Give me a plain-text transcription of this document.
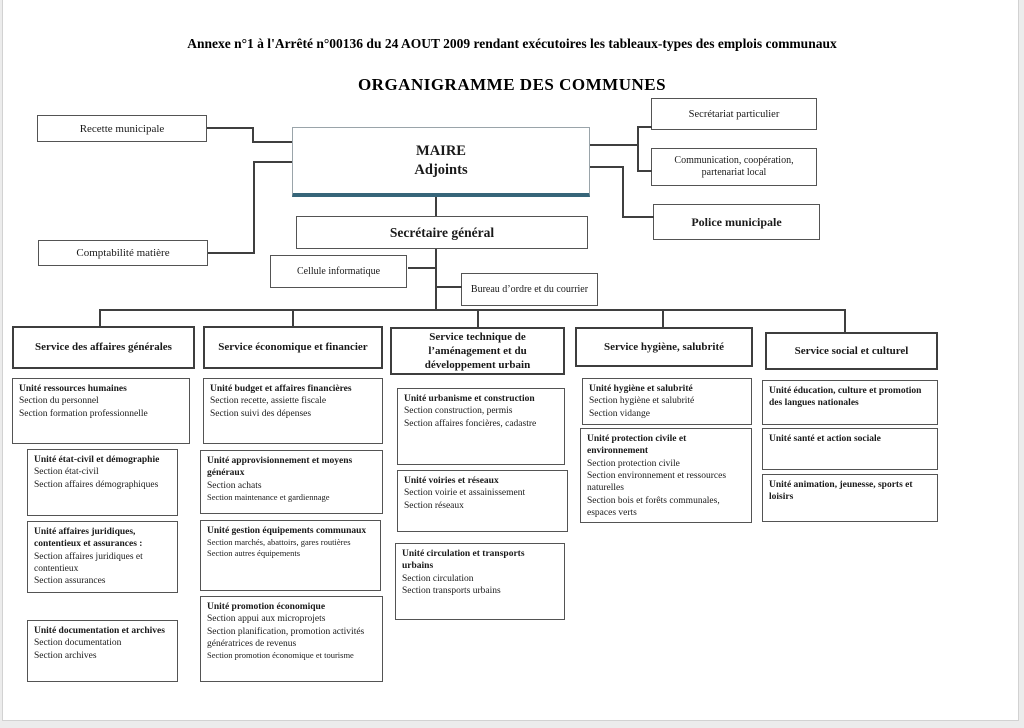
Annexe n°1 à l'Arrêté n°00136 du 24 AOUT 2009 rendant exécutoires les tableaux-types des emplois communaux
ORGANIGRAMME DES COMMUNES
Recette municipale
Comptabilité matière
MAIRE
Adjoints
Secrétariat particulier
Communication, coopération, partenariat local
Police municipale
Secrétaire général
Cellule informatique
Bureau d’ordre et du courrier
Service des affaires générales	Service économique et financier
Service technique de l’aménagement et du développement urbain
Service hygiène, salubrité	Service social et culturel
Unité ressources humaines
Section du personnel
Section formation professionnelle
Unité état-civil et démographie
Section état-civil
Section affaires démographiques
Unité affaires juridiques, contentieux et assurances :
Section affaires juridiques et contentieux
Section assurances
Unité documentation et archives
Section documentation
Section archives
Unité budget et affaires financières
Section recette, assiette fiscale
Section suivi des dépenses
Unité approvisionnement et moyens généraux
Section achats
Section maintenance et gardiennage
Unité gestion équipements communaux
Section marchés, abattoirs, gares routières
Section autres équipements
Unité promotion économique
Section appui aux microprojets
Section planification, promotion activités génératrices de revenus
Section promotion économique et tourisme
Unité urbanisme et construction
Section construction, permis
Section affaires foncières, cadastre
Unité voiries et réseaux
Section voirie et assainissement
Section réseaux
Unité circulation et transports urbains
Section circulation
Section transports urbains
Unité hygiène et salubrité
Section hygiène et salubrité
Section vidange
Unité protection civile et environnement
Section protection civile
Section environnement et ressources naturelles
Section bois et forêts communales, espaces verts
Unité éducation, culture et promotion des langues nationales
Unité santé et action sociale
Unité animation, jeunesse, sports et loisirs
